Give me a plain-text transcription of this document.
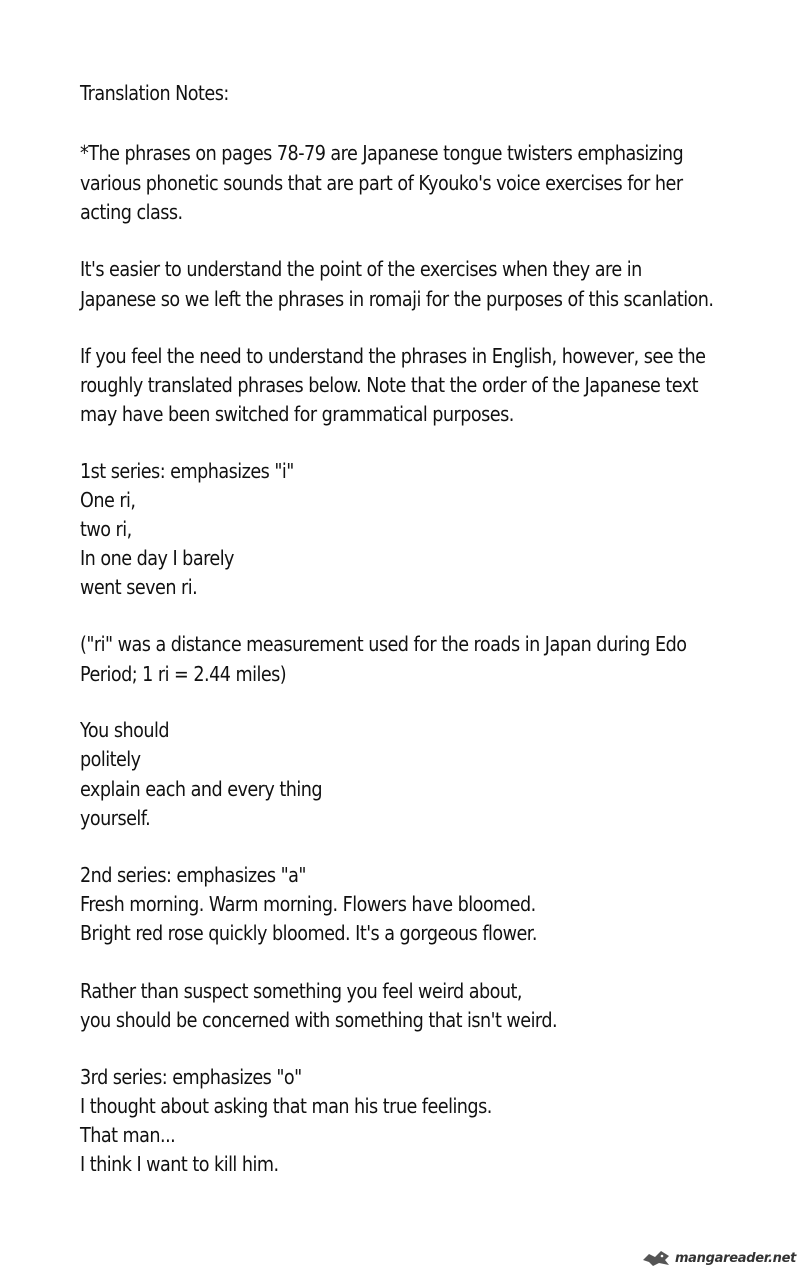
Translation Notes:
*The phrases on pages 78-79 are Japanese tongue twisters emphasizing
various phonetic sounds that are part of Kyouko's voice exercises for her
acting class.
It's easier to understand the point of the exercises when they are in
Japanese so we left the phrases in romaji for the purposes of this scanlation.
If you feel the need to understand the phrases in English, however, see the
roughly translated phrases below. Note that the order of the Japanese text
may have been switched for grammatical purposes.
1st series: emphasizes "i"
One ri,
two ri,
In one day I barely
went seven ri.
("ri" was a distance measurement used for the roads in Japan during Edo
Period; 1 ri = 2.44 miles)
You should
politely
explain each and every thing
yourself.
2nd series: emphasizes "a"
Fresh morning. Warm morning. Flowers have bloomed.
Bright red rose quickly bloomed. It's a gorgeous flower.
Rather than suspect something you feel weird about,
you should be concerned with something that isn't weird.
3rd series: emphasizes "o"
I thought about asking that man his true feelings.
That man...
I think I want to kill him.
mangareader.net
